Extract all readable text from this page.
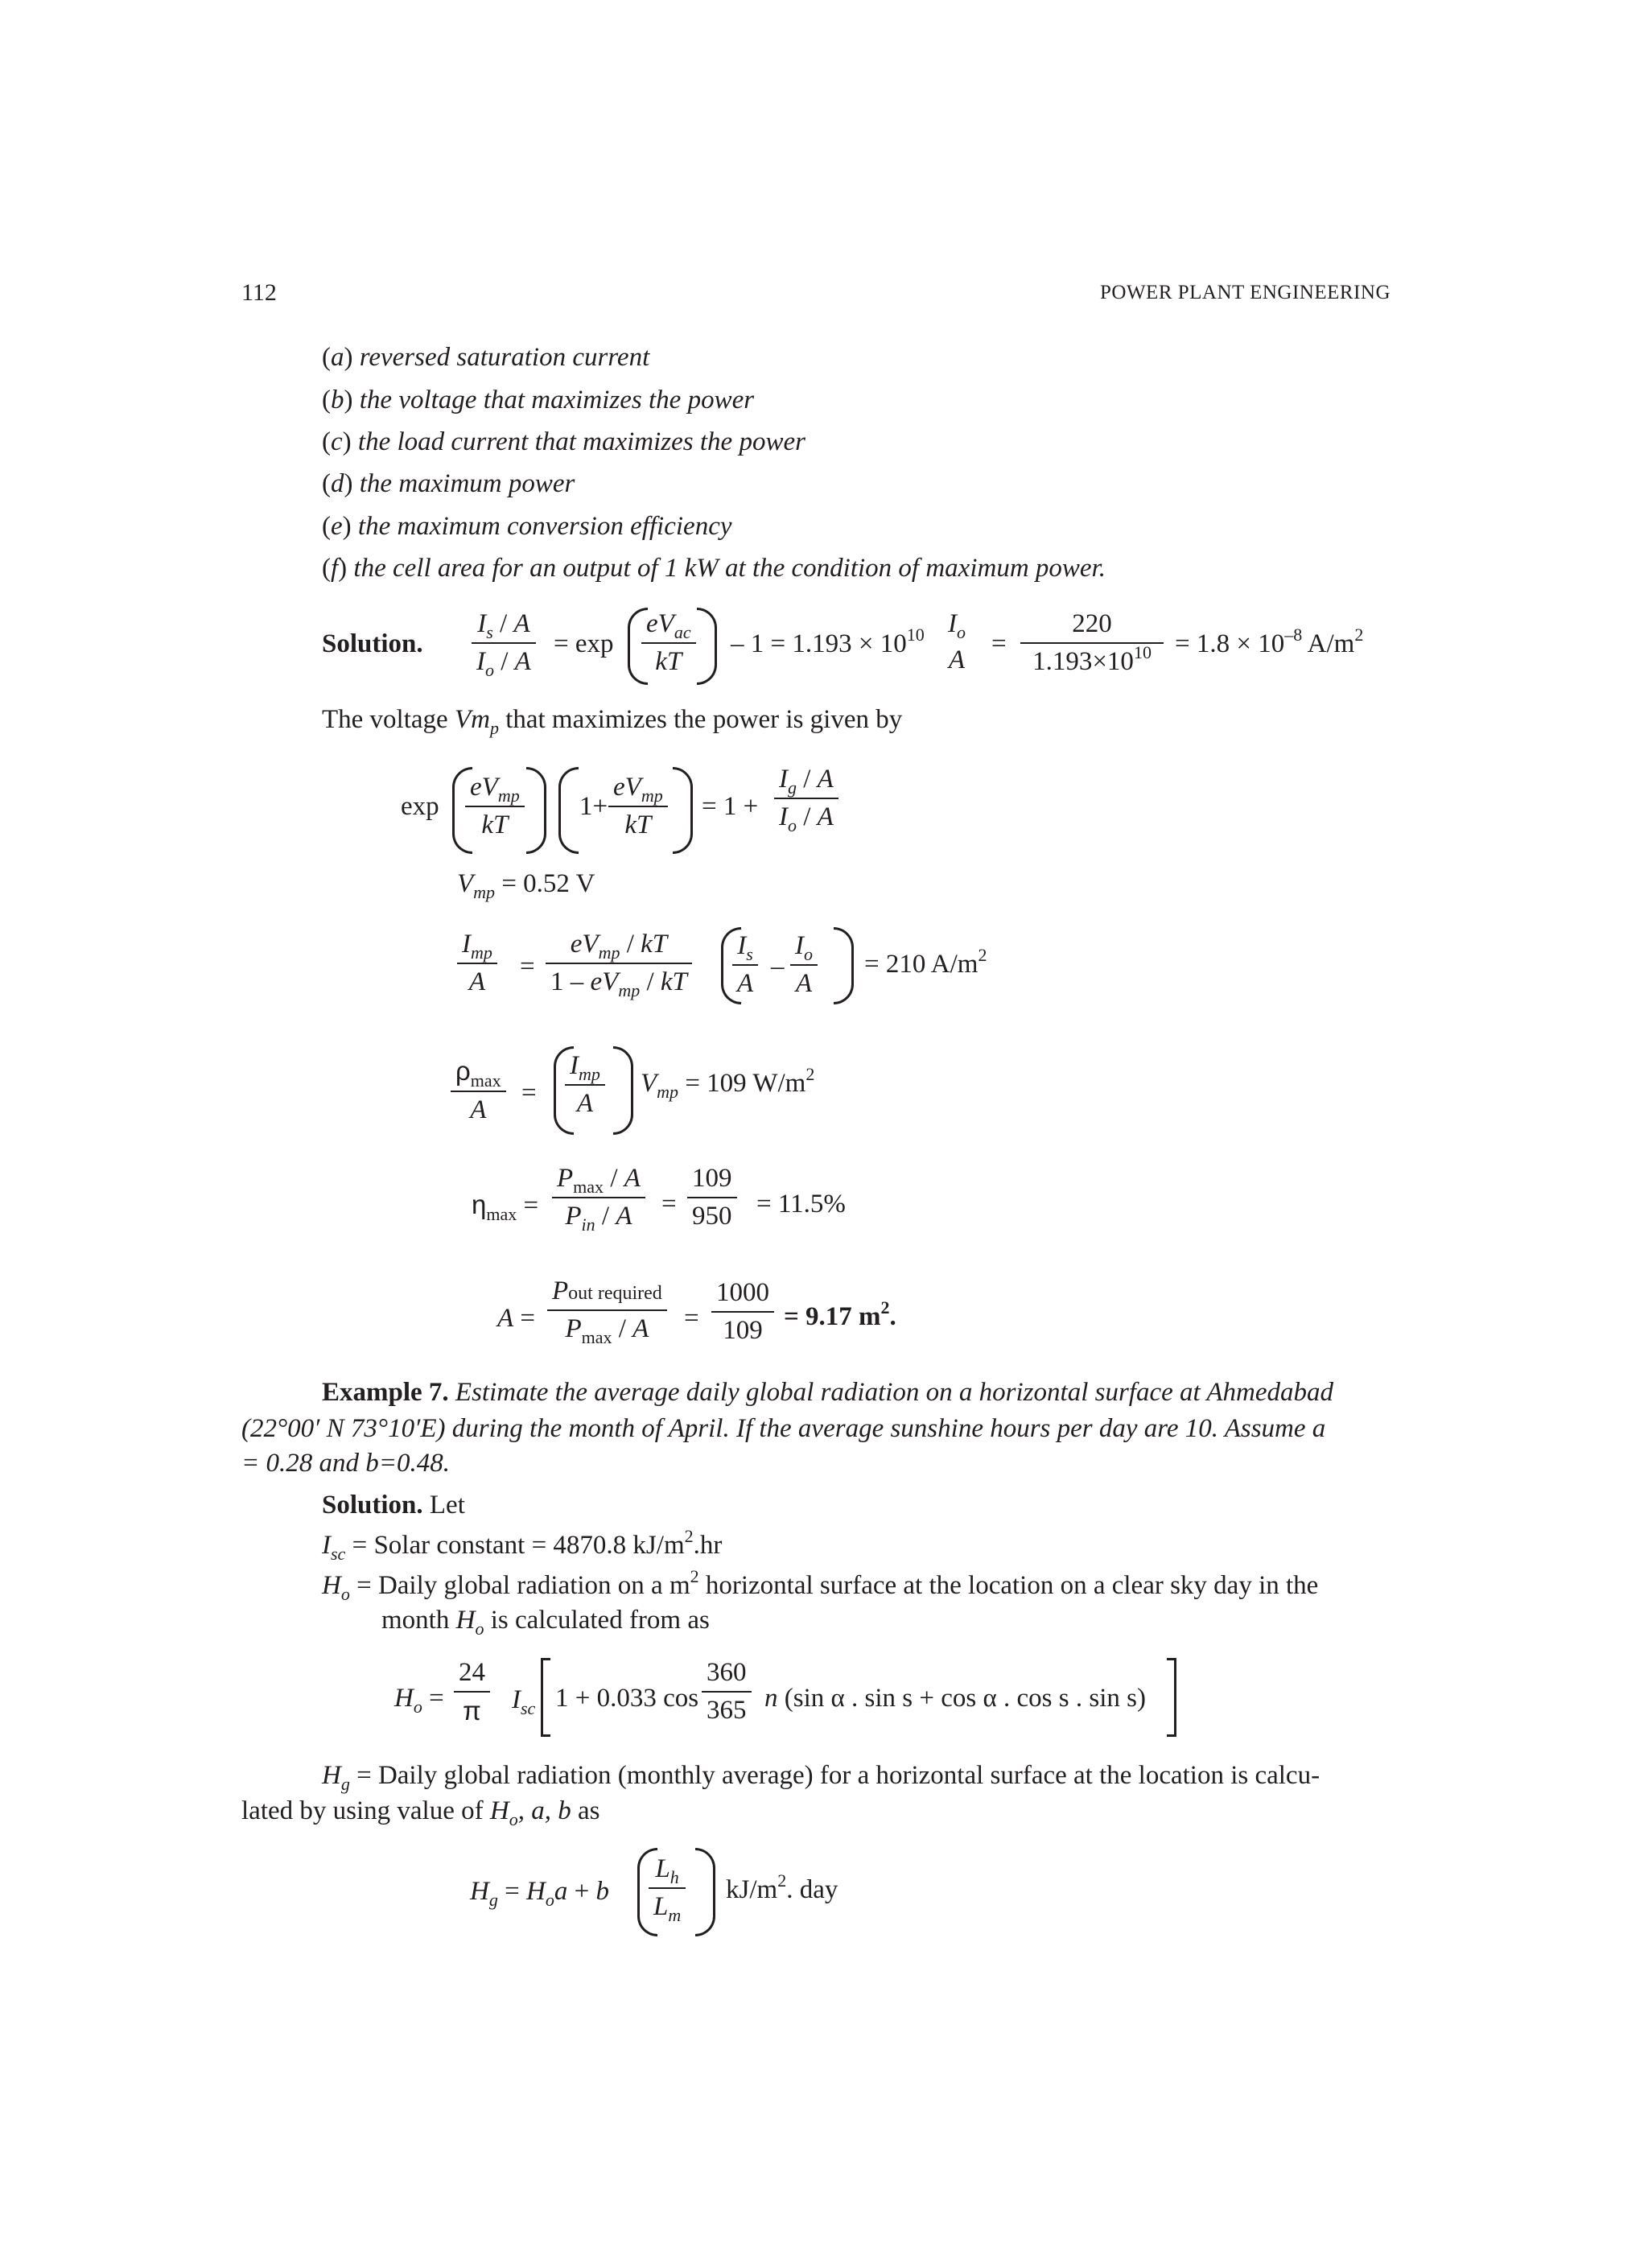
112	POWER PLANT ENGINEERING
(a) reversed saturation current
(b) the voltage that maximizes the power
(c) the load current that maximizes the power
(d) the maximum power
(e) the maximum conversion efficiency
(f) the cell area for an output of 1 kW at the condition of maximum power.
Solution.
$I_s$ / A
$I_o$ / A
= exp
$eV_{ac}$
kT
– $1 = 1.193 \times 10^{10}$ $I_o$
A
=
220
$1.193\times 10^{10} = 1.8 \times 10^{-8}$ $A/m^2$
The voltage $Vm_p$ that maximizes the power is given by
exp
$eV_{mp}$
kT
1+
$eV_{mp}$
kT
= 1 +
$I_g$ / A
$I_o$ / A
$V_{mp} = 0.52$ V
$I_{mp}$
A
=
$eV_{mp}$ / kT
$1 - eV_{mp}$ / kT
$I_s$
A
–
$I_o$
A
= 210 $A/m^2$
$\rho_{max}$
A
=
$I_{mp}$
A
$V_{mp} = 109$ $W/m^2$
$\eta_{max}$ =
$P_{max}$ / A
$P_{in}$ / A	=
109
950 = 11.5%
A =
Pout required
$P_{max}$ / A	=
1000
109 = 9.17 $m^2$.
Example 7. Estimate the average daily global radiation on a horizontal surface at Ahmedabad
(22°00′ N 73°10′E) during the month of April. If the average sunshine hours per day are 10. Assume a
= 0.28 and b=0.48.
Solution. Let
$I_{sc}$ = Solar constant = 4870.8 $kJ/m^2.hr$
$H_o$ = Daily global radiation on a $m^2$ horizontal surface at the location on a clear sky day in the
month $H_o$ is calculated from as
$H_o$ =
24
π	$I_{sc}$ 1 + 0.033 cos
360
365 n (sin α . sin s + cos α . cos s . sin s)
$H_g$ = Daily global radiation (monthly average) for a horizontal surface at the location is calcu-
lated by using value of $H_o$, a, b as
$H_g = H_oa + b$
$L_h$
$L_m$
$kJ/m^2$. day
